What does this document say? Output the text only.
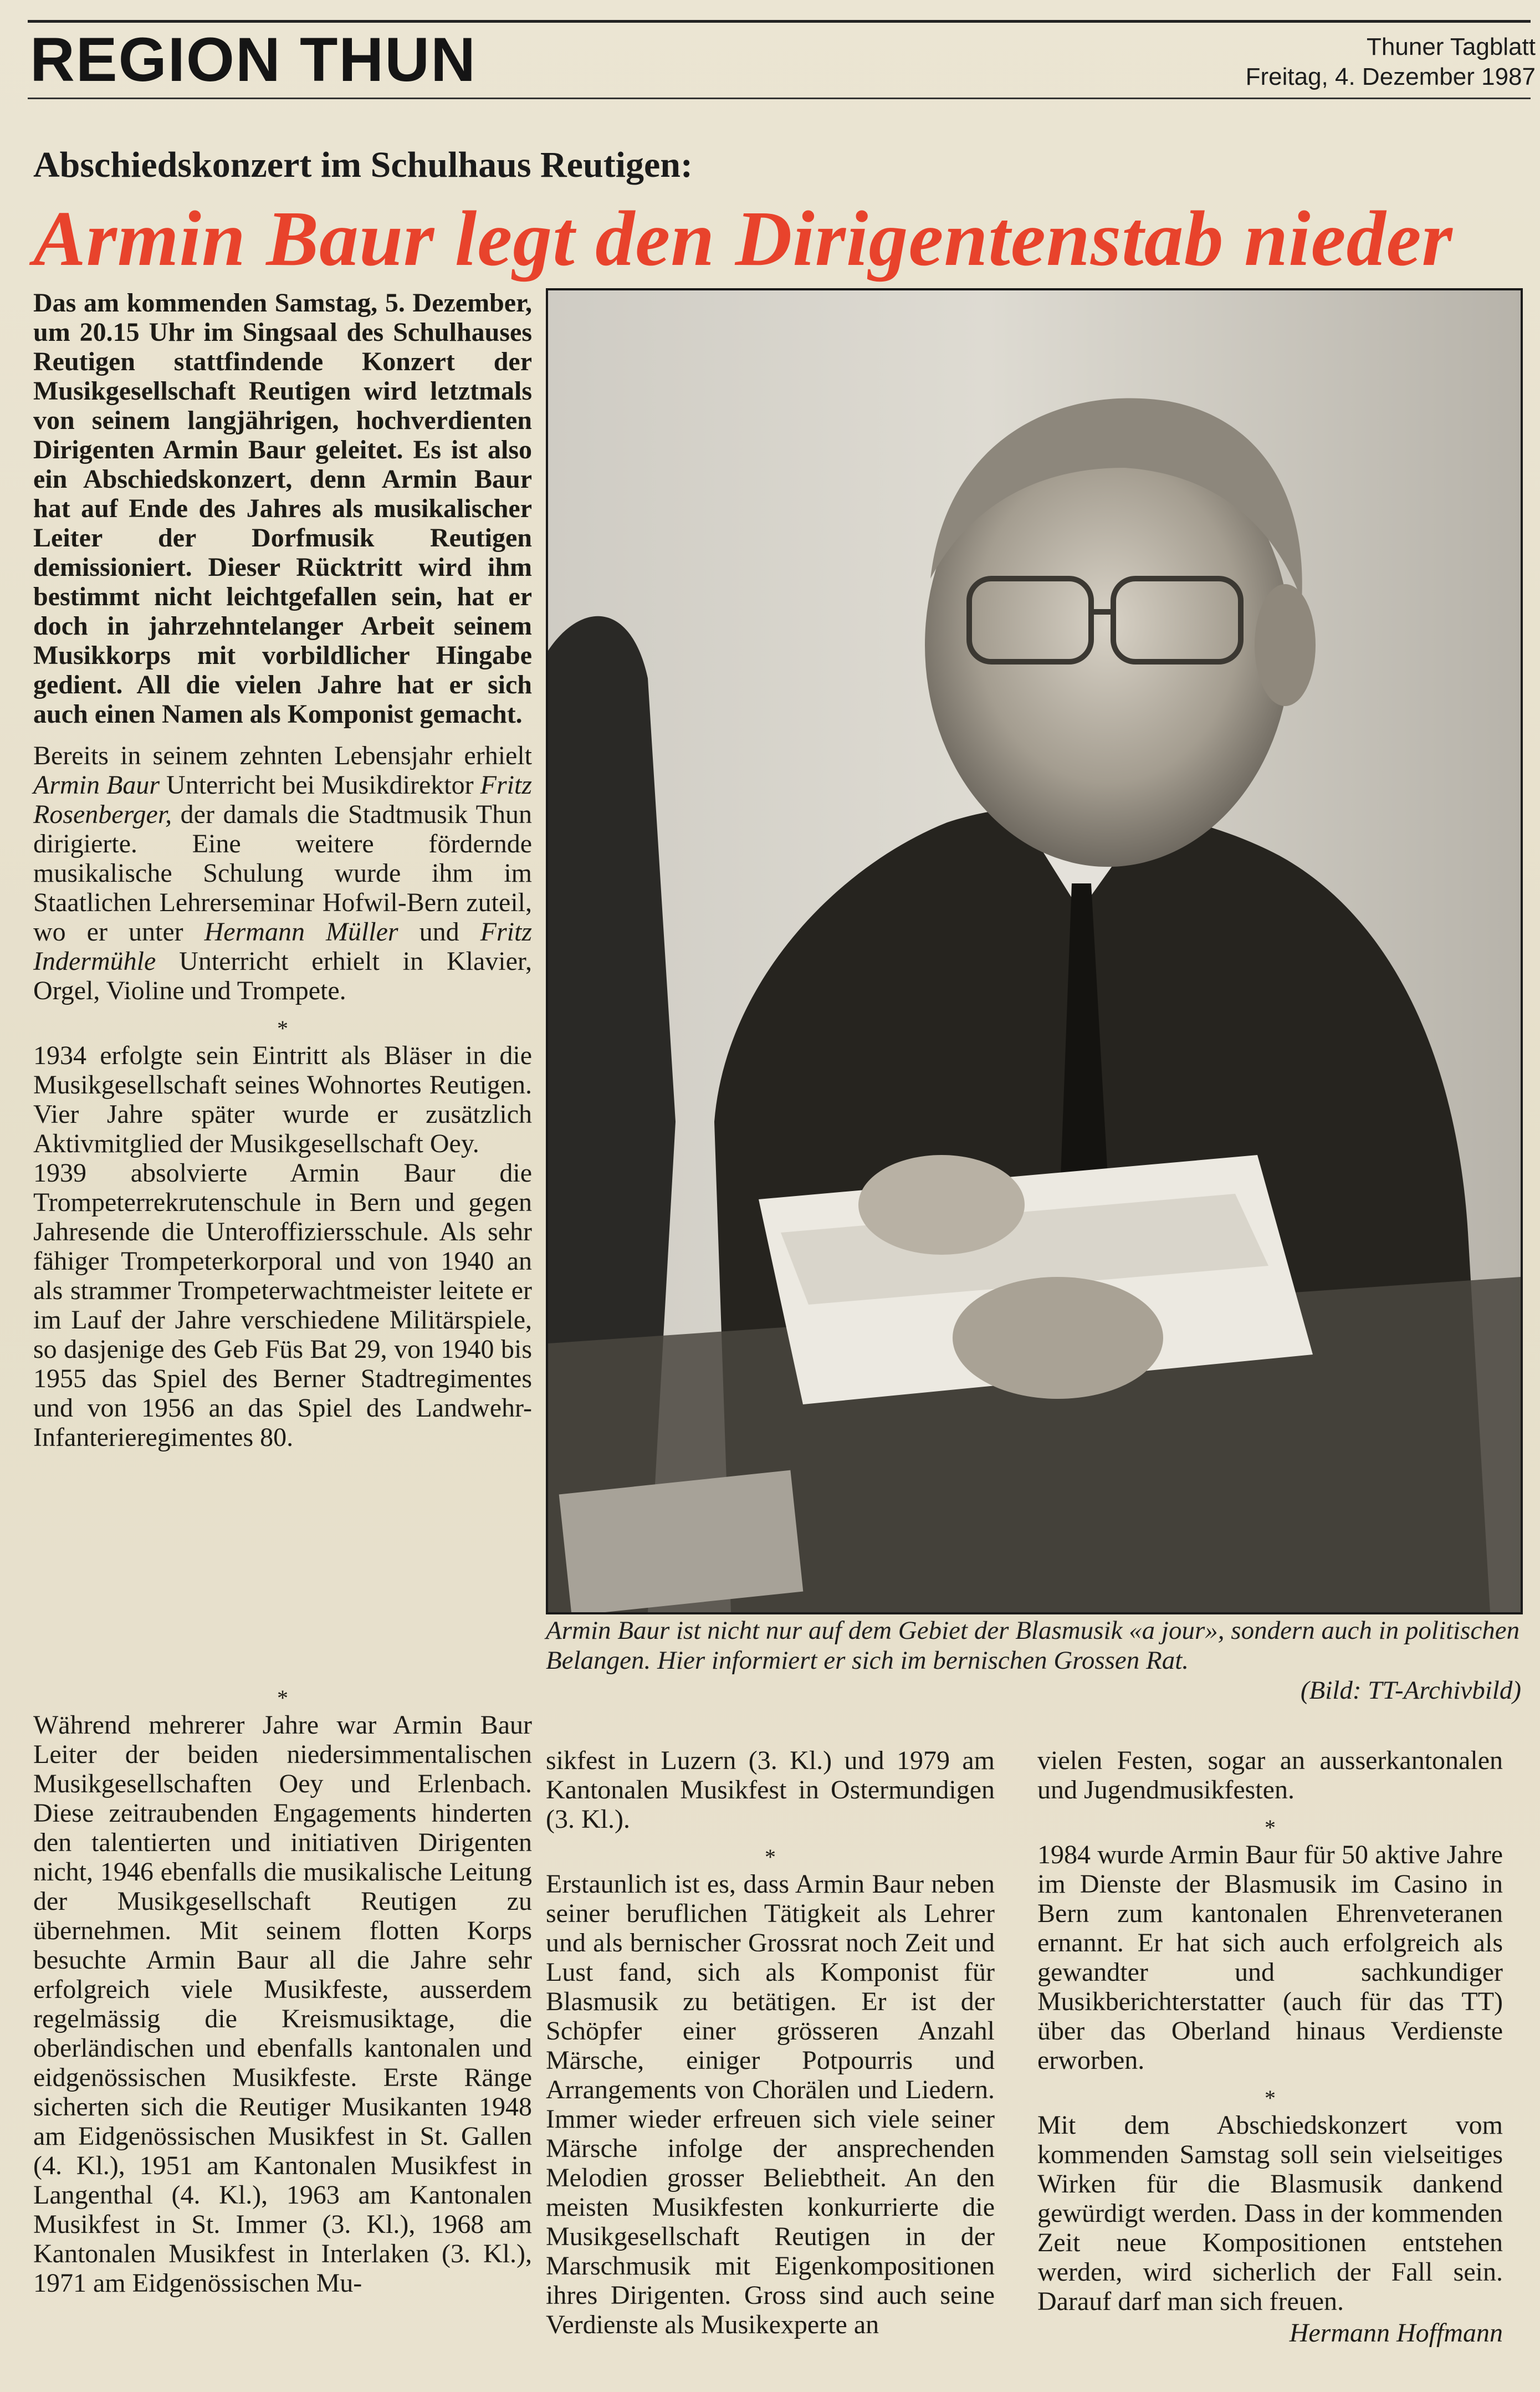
REGION THUN	Thuner Tagblatt
Freitag, 4. Dezember 1987
Abschiedskonzert im Schulhaus Reutigen:
Armin Baur legt den Dirigentenstab nieder

Das am kommenden Samstag, 5. Dezember, um 20.15 Uhr im Singsaal des Schulhauses Reutigen stattfindende Konzert der Musikgesellschaft Reutigen wird letztmals von seinem langjährigen, hochverdienten Dirigenten Armin Baur geleitet. Es ist also ein Abschiedskonzert, denn Armin Baur hat auf Ende des Jahres als musikalischer Leiter der Dorfmusik Reutigen demissioniert. Dieser Rücktritt wird ihm bestimmt nicht leichtgefallen sein, hat er doch in jahrzehntelanger Arbeit seinem Musikkorps mit vorbildlicher Hingabe gedient. All die vielen Jahre hat er sich auch einen Namen als Komponist gemacht.

Bereits in seinem zehnten Lebensjahr erhielt Armin Baur Unterricht bei Musikdirektor Fritz Rosenberger, der damals die Stadtmusik Thun dirigierte. Eine weitere fördernde musikalische Schulung wurde ihm im Staatlichen Lehrerseminar Hofwil-Bern zuteil, wo er unter Hermann Müller und Fritz Indermühle Unterricht erhielt in Klavier, Orgel, Violine und Trompete.

*

1934 erfolgte sein Eintritt als Bläser in die Musikgesellschaft seines Wohnortes Reutigen. Vier Jahre später wurde er zusätzlich Aktivmitglied der Musikgesellschaft Oey.

1939 absolvierte Armin Baur die Trompeterrekrutenschule in Bern und gegen Jahresende die Unteroffiziersschule. Als sehr fähiger Trompeterkorporal und von 1940 an als strammer Trompeterwachtmeister leitete er im Lauf der Jahre verschiedene Militärspiele, so dasjenige des Geb Füs Bat 29, von 1940 bis 1955 das Spiel des Berner Stadtregimentes und von 1956 an das Spiel des Landwehr-Infanterieregimentes 80.

*

Während mehrerer Jahre war Armin Baur Leiter der beiden niedersimmentalischen Musikgesellschaften Oey und Erlenbach. Diese zeitraubenden Engagements hinderten den talentierten und initiativen Dirigenten nicht, 1946 ebenfalls die musikalische Leitung der Musikgesellschaft Reutigen zu übernehmen. Mit seinem flotten Korps besuchte Armin Baur all die Jahre sehr erfolgreich viele Musikfeste, ausserdem regelmässig die Kreismusiktage, die oberländischen und ebenfalls kantonalen und eidgenössischen Musikfeste. Erste Ränge sicherten sich die Reutiger Musikanten 1948 am Eidgenössischen Musikfest in St. Gallen (4. Kl.), 1951 am Kantonalen Musikfest in Langenthal (4. Kl.), 1963 am Kantonalen Musikfest in St. Immer (3. Kl.), 1968 am Kantonalen Musikfest in Interlaken (3. Kl.), 1971 am Eidgenössischen Mu-

Armin Baur ist nicht nur auf dem Gebiet der Blasmusik «a jour», sondern auch in politischen Belangen. Hier informiert er sich im bernischen Grossen Rat.
(Bild: TT-Archivbild)

sikfest in Luzern (3. Kl.) und 1979 am Kantonalen Musikfest in Ostermundigen (3. Kl.).

*

Erstaunlich ist es, dass Armin Baur neben seiner beruflichen Tätigkeit als Lehrer und als bernischer Grossrat noch Zeit und Lust fand, sich als Komponist für Blasmusik zu betätigen. Er ist der Schöpfer einer grösseren Anzahl Märsche, einiger Potpourris und Arrangements von Chorälen und Liedern. Immer wieder erfreuen sich viele seiner Märsche infolge der ansprechenden Melodien grosser Beliebtheit. An den meisten Musikfesten konkurrierte die Musikgesellschaft Reutigen in der Marschmusik mit Eigenkompositionen ihres Dirigenten. Gross sind auch seine Verdienste als Musikexperte an

vielen Festen, sogar an ausserkantonalen und Jugendmusikfesten.

*

1984 wurde Armin Baur für 50 aktive Jahre im Dienste der Blasmusik im Casino in Bern zum kantonalen Ehrenveteranen ernannt. Er hat sich auch erfolgreich als gewandter und sachkundiger Musikberichterstatter (auch für das TT) über das Oberland hinaus Verdienste erworben.

*

Mit dem Abschiedskonzert vom kommenden Samstag soll sein vielseitiges Wirken für die Blasmusik dankend gewürdigt werden. Dass in der kommenden Zeit neue Kompositionen entstehen werden, wird sicherlich der Fall sein. Darauf darf man sich freuen.

Hermann Hoffmann
